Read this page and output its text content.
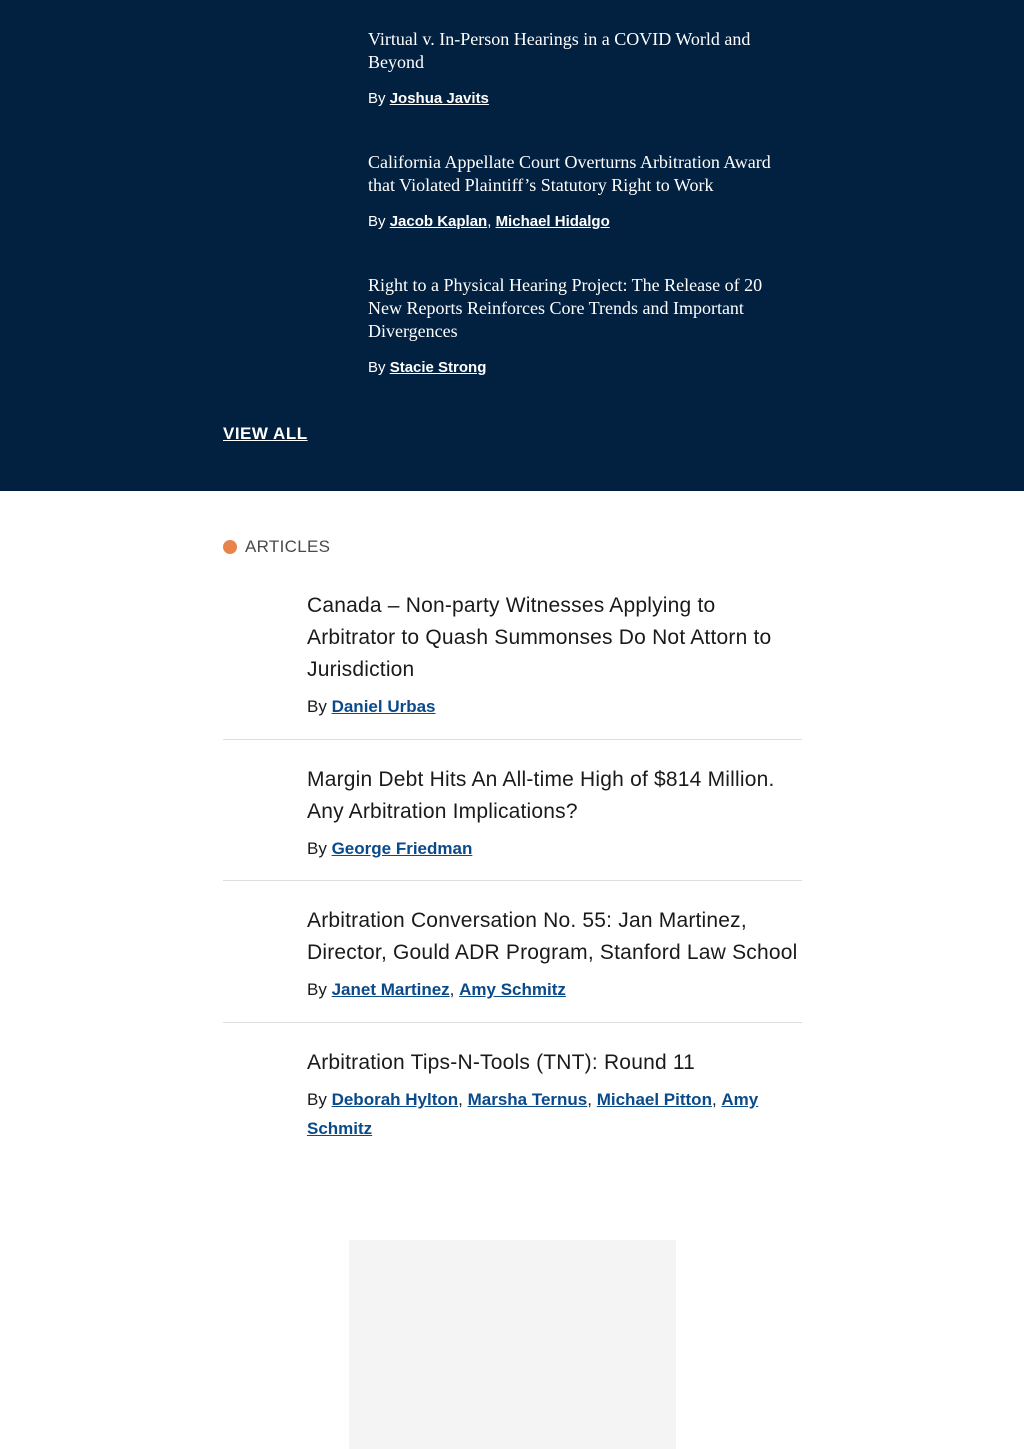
Virtual v. In-Person Hearings in a COVID World and Beyond
By Joshua Javits
California Appellate Court Overturns Arbitration Award that Violated Plaintiff’s Statutory Right to Work
By Jacob Kaplan, Michael Hidalgo
Right to a Physical Hearing Project: The Release of 20 New Reports Reinforces Core Trends and Important Divergences
By Stacie Strong
VIEW ALL
ARTICLES
Canada – Non-party Witnesses Applying to Arbitrator to Quash Summonses Do Not Attorn to Jurisdiction
By Daniel Urbas
Margin Debt Hits An All-time High of $814 Million. Any Arbitration Implications?
By George Friedman
Arbitration Conversation No. 55: Jan Martinez, Director, Gould ADR Program, Stanford Law School
By Janet Martinez, Amy Schmitz
Arbitration Tips-N-Tools (TNT): Round 11
By Deborah Hylton, Marsha Ternus, Michael Pitton, Amy Schmitz
